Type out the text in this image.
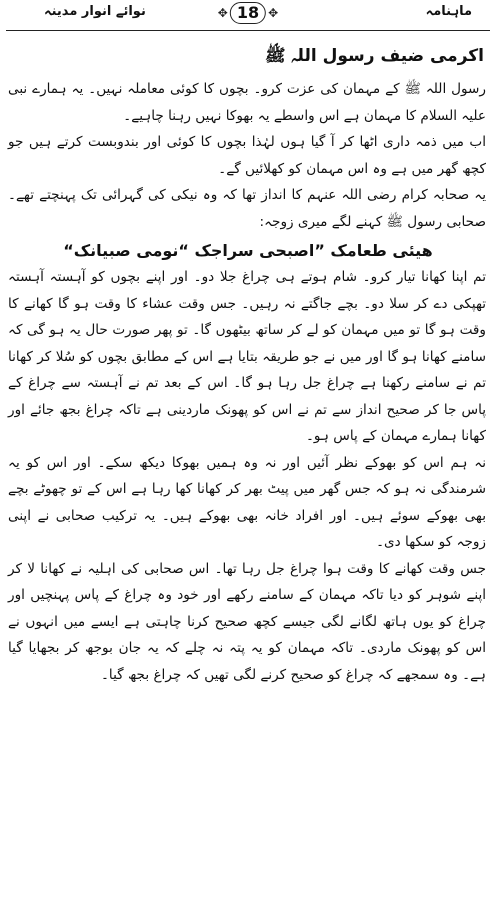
نوائے انوار مدینہ	✥ 18 ✥	ماہنامہ
اکرمی ضیف رسول اللہ ﷺ

رسول اللہ ﷺ کے مہمان کی عزت کرو۔ بچوں کا کوئی معاملہ نہیں۔ یہ ہمارے نبی علیہ السلام کا مہمان ہے اس واسطے یہ بھوکا نہیں رہنا چاہیے۔

اب میں ذمہ داری اٹھا کر آ گیا ہوں لہٰذا بچوں کا کوئی اور بندوبست کرتے ہیں جو کچھ گھر میں ہے وہ اس مہمان کو کھلائیں گے۔

یہ صحابہ کرام رضی اللہ عنہم کا انداز تھا کہ وہ نیکی کی گہرائی تک پہنچتے تھے۔ صحابی رسول ﷺ کہنے لگے میری زوجہ:

ھیئی طعامک ”اصبحی سراجک “نومی صبیانک“

تم اپنا کھانا تیار کرو۔ شام ہوتے ہی چراغ جلا دو۔ اور اپنے بچوں کو آہستہ آہستہ تھپکی دے کر سلا دو۔ بچے جاگتے نہ رہیں۔ جس وقت عشاء کا وقت ہو گا کھانے کا وقت ہو گا تو میں مہمان کو لے کر ساتھ بیٹھوں گا۔ تو پھر صورت حال یہ ہو گی کہ سامنے کھانا ہو گا اور میں نے جو طریقہ بتایا ہے اس کے مطابق بچوں کو سُلا کر کھانا تم نے سامنے رکھنا ہے چراغ جل رہا ہو گا۔ اس کے بعد تم نے آہستہ سے چراغ کے پاس جا کر صحیح انداز سے تم نے اس کو پھونک ماردینی ہے تاکہ چراغ بجھ جائے اور کھانا ہمارے مہمان کے پاس ہو۔

نہ ہم اس کو بھوکے نظر آئیں اور نہ وہ ہمیں بھوکا دیکھ سکے۔ اور اس کو یہ شرمندگی نہ ہو کہ جس گھر میں پیٹ بھر کر کھانا کھا رہا ہے اس کے تو چھوٹے بچے بھی بھوکے سوئے ہیں۔ اور افراد خانہ بھی بھوکے ہیں۔ یہ ترکیب صحابی نے اپنی زوجہ کو سکھا دی۔

جس وقت کھانے کا وقت ہوا چراغ جل رہا تھا۔ اس صحابی کی اہلیہ نے کھانا لا کر اپنے شوہر کو دیا تاکہ مہمان کے سامنے رکھے اور خود وہ چراغ کے پاس پہنچیں اور چراغ کو یوں ہاتھ لگانے لگی جیسے کچھ صحیح کرنا چاہتی ہے ایسے میں انہوں نے اس کو پھونک ماردی۔ تاکہ مہمان کو یہ پتہ نہ چلے کہ یہ جان بوجھ کر بجھایا گیا ہے۔ وہ سمجھے کہ چراغ کو صحیح کرنے لگی تھیں کہ چراغ بجھ گیا۔
